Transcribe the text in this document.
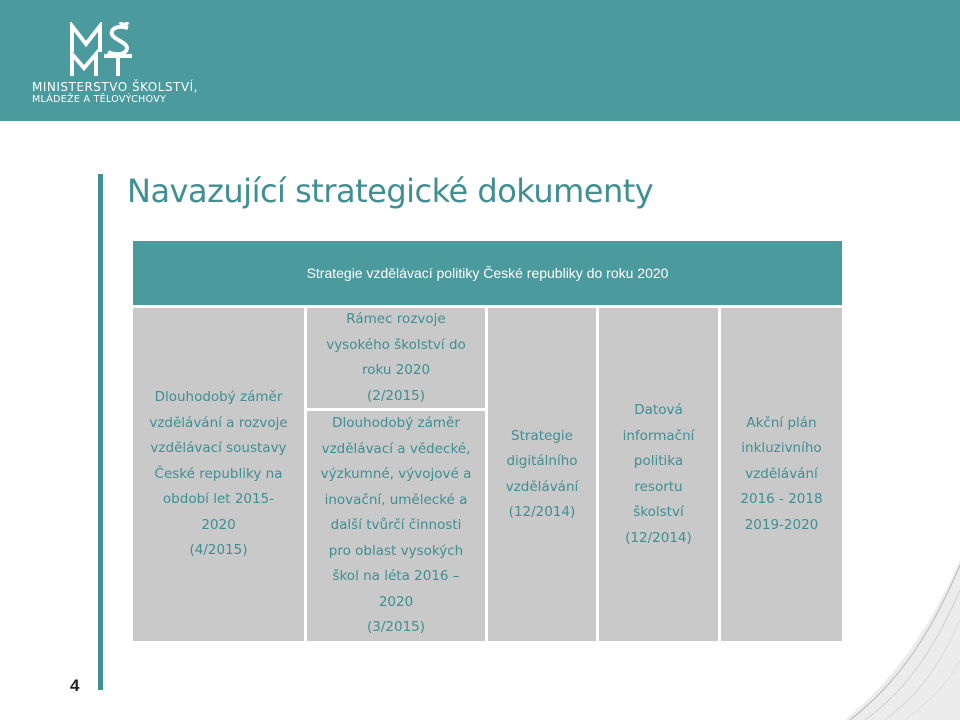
MINISTERSTVO ŠKOLSTVÍ,
MLÁDEŽE A TĚLOVÝCHOVY
Navazující strategické dokumenty
Strategie vzdělávací politiky České republiky do roku 2020
Dlouhodobý záměr
vzdělávání a rozvoje
vzdělávací soustavy
České republiky na
období let 2015-
2020
(4/2015)
Rámec rozvoje
vysokého školství do
roku 2020
(2/2015)
Dlouhodobý záměr
vzdělávací a vědecké,
výzkumné, vývojové a
inovační, umělecké a
další tvůrčí činnosti
pro oblast vysokých
škol na léta 2016 –
2020
(3/2015)
Strategie
digitálního
vzdělávání
(12/2014)
Datová
informační
politika
resortu
školství
(12/2014)
Akční plán
inkluzivního
vzdělávání
2016 - 2018
2019-2020
4
